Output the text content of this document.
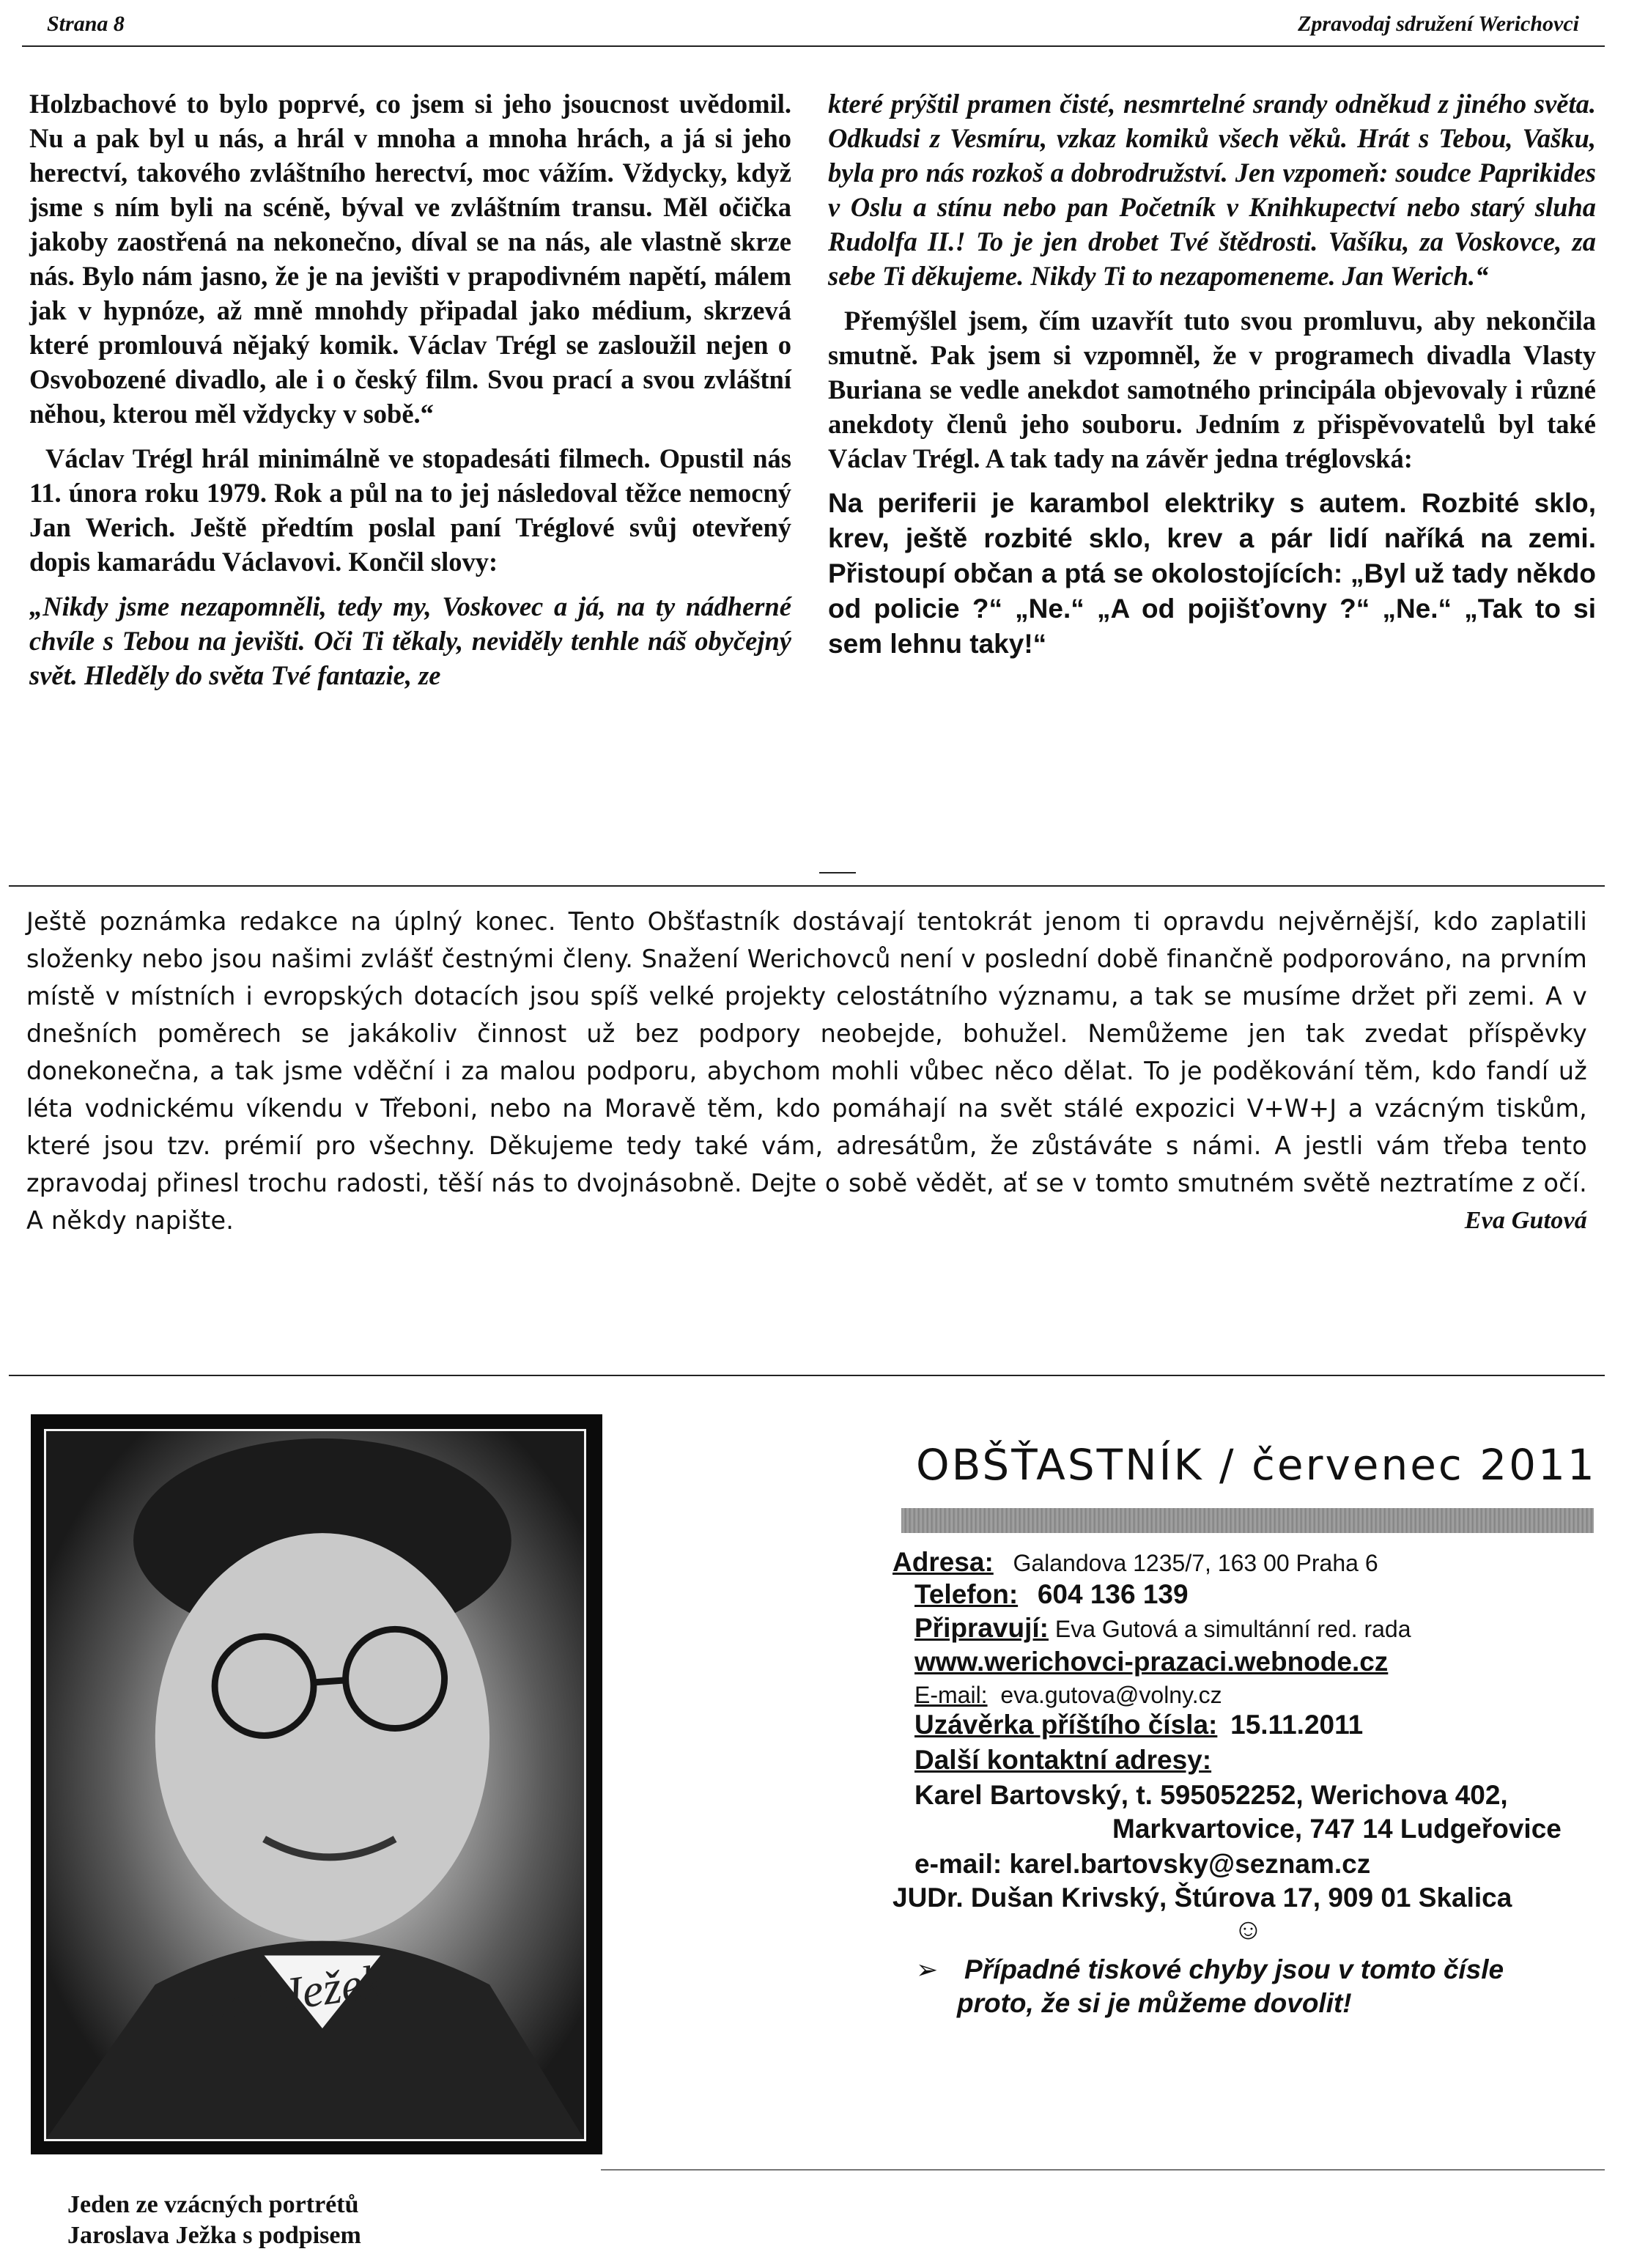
Strana 8	Zpravodaj sdružení Werichovci

Holzbachové to bylo poprvé, co jsem si jeho jsoucnost uvědomil. Nu a pak byl u nás, a hrál v mnoha a mnoha hrách, a já si jeho herectví, takového zvláštního herectví, moc vážím. Vždycky, když jsme s ním byli na scéně, býval ve zvláštním transu. Měl očička jakoby zaostřená na nekonečno, díval se na nás, ale vlastně skrze nás. Bylo nám jasno, že je na jevišti v prapodivném napětí, málem jak v hypnóze, až mně mnohdy připadal jako médium, skrzevá které promlouvá nějaký komik. Václav Trégl se zasloužil nejen o Osvobozené divadlo, ale i o český film. Svou prací a svou zvláštní něhou, kterou měl vždycky v sobě.“

Václav Trégl hrál minimálně ve stopadesáti filmech. Opustil nás 11. února roku 1979. Rok a půl na to jej následoval těžce nemocný Jan Werich. Ještě předtím poslal paní Tréglové svůj otevřený dopis kamarádu Václavovi. Končil slovy:

„Nikdy jsme nezapomněli, tedy my, Voskovec a já, na ty nádherné chvíle s Tebou na jevišti. Oči Ti těkaly, neviděly tenhle náš obyčejný svět. Hleděly do světa Tvé fantazie, ze

které prýštil pramen čisté, nesmrtelné srandy odněkud z jiného světa. Odkudsi z Vesmíru, vzkaz komiků všech věků. Hrát s Tebou, Vašku, byla pro nás rozkoš a dobrodružství. Jen vzpomeň: soudce Paprikides v Oslu a stínu nebo pan Početník v Knihkupectví nebo starý sluha Rudolfa II.! To je jen drobet Tvé štědrosti. Vašíku, za Voskovce, za sebe Ti děkujeme. Nikdy Ti to nezapomeneme. Jan Werich.“

Přemýšlel jsem, čím uzavřít tuto svou promluvu, aby nekončila smutně. Pak jsem si vzpomněl, že v programech divadla Vlasty Buriana se vedle anekdot samotného principála objevovaly i různé anekdoty členů jeho souboru. Jedním z přispěvovatelů byl také Václav Trégl. A tak tady na závěr jedna tréglovská:

Na periferii je karambol elektriky s autem. Rozbité sklo, krev, ještě rozbité sklo, krev a pár lidí naříká na zemi. Přistoupí občan a ptá se okolostojících: „Byl už tady někdo od policie ?“ „Ne.“ „A od pojišťovny ?“ „Ne.“ „Tak to si sem lehnu taky!“
Ještě poznámka redakce na úplný konec. Tento Obšťastník dostávají tentokrát jenom ti opravdu nejvěrnější, kdo zaplatili složenky nebo jsou našimi zvlášť čestnými členy. Snažení Werichovců není v poslední době finančně podporováno, na prvním místě v místních i evropských dotacích jsou spíš velké projekty celostátního významu, a tak se musíme držet při zemi. A v dnešních poměrech se jakákoliv činnost už bez podpory neobejde, bohužel. Nemůžeme jen tak zvedat příspěvky donekonečna, a tak jsme vděční i za malou podporu, abychom mohli vůbec něco dělat. To je poděkování těm, kdo fandí už léta vodnickému víkendu v Třeboni, nebo na Moravě těm, kdo pomáhají na svět stálé expozici V+W+J a vzácným tiskům, které jsou tzv. prémií pro všechny. Děkujeme tedy také vám, adresátům, že zůstáváte s námi. A jestli vám třeba tento zpravodaj přinesl trochu radosti, těší nás to dvojnásobně. Dejte o sobě vědět, ať se v tomto smutném světě neztratíme z očí. A někdy napište.	Eva Gutová
Jar Ježek
Jeden ze vzácných portrétů
Jaroslava Ježka s podpisem
OBŠŤASTNÍK / červenec 2011
Adresa: Galandova 1235/7, 163 00 Praha 6
Telefon: 604 136 139
Připravují: Eva Gutová a simultánní red. rada
www.werichovci-prazaci.webnode.cz
E-mail: eva.gutova@volny.cz
Uzávěrka příštího čísla: 15.11.2011
Další kontaktní adresy:
Karel Bartovský, t. 595052252, Werichova 402,
Markvartovice, 747 14 Ludgeřovice
e-mail: karel.bartovsky@seznam.cz
JUDr. Dušan Krivský, Štúrova 17, 909 01 Skalica
☺
➢ Případné tiskové chyby jsou v tomto čísle
proto, že si je můžeme dovolit!
